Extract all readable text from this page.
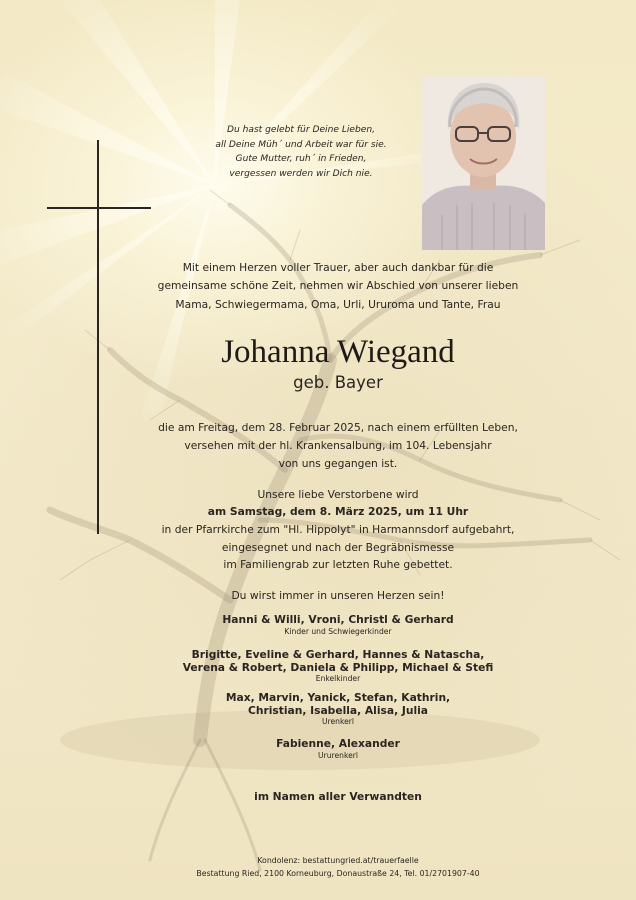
Du hast gelebt für Deine Lieben,
all Deine Müh´ und Arbeit war für sie.
Gute Mutter, ruh´ in Frieden,
vergessen werden wir Dich nie.
Mit einem Herzen voller Trauer, aber auch dankbar für die
gemeinsame schöne Zeit, nehmen wir Abschied von unserer lieben
Mama, Schwiegermama, Oma, Urli, Ururoma und Tante, Frau
Johanna Wiegand
geb. Bayer
die am Freitag, dem 28. Februar 2025, nach einem erfüllten Leben,
versehen mit der hl. Krankensalbung, im 104. Lebensjahr
von uns gegangen ist.
Unsere liebe Verstorbene wird
am Samstag, dem 8. März 2025, um 11 Uhr
in der Pfarrkirche zum "Hl. Hippolyt" in Harmannsdorf aufgebahrt,
eingesegnet und nach der Begräbnismesse
im Familiengrab zur letzten Ruhe gebettet.
Du wirst immer in unseren Herzen sein!
Hanni & Willi, Vroni, Christl & Gerhard
Kinder und Schwiegerkinder
Brigitte, Eveline & Gerhard, Hannes & Natascha,
Verena & Robert, Daniela & Philipp, Michael & Stefi
Enkelkinder
Max, Marvin, Yanick, Stefan, Kathrin,
Christian, Isabella, Alisa, Julia
Urenkerl
Fabienne, Alexander
Ururenkerl
im Namen aller Verwandten
Kondolenz: bestattungried.at/trauerfaelle
Bestattung Ried, 2100 Korneuburg, Donaustraße 24, Tel. 01/2701907-40
